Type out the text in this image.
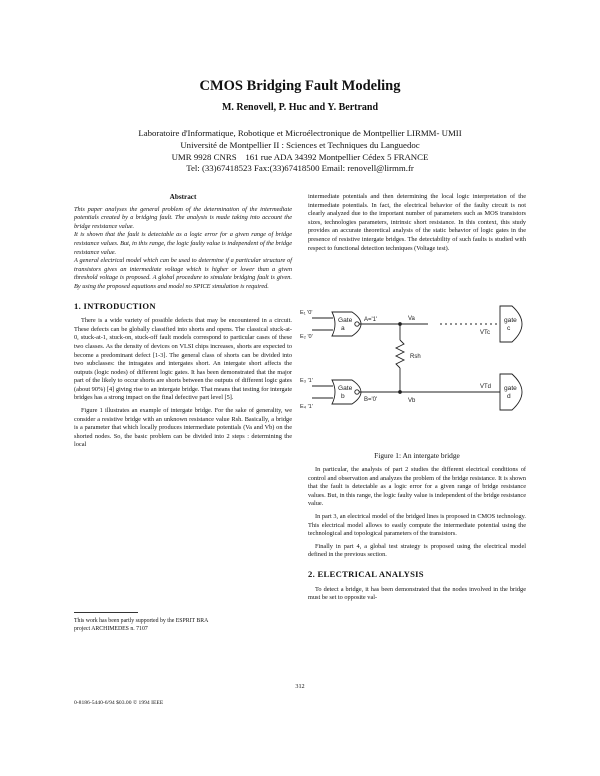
CMOS Bridging Fault Modeling
M. Renovell, P. Huc and Y. Bertrand
Laboratoire d'Informatique, Robotique et Microélectronique de Montpellier LIRMM- UMII
Université de Montpellier II : Sciences et Techniques du Languedoc
UMR 9928 CNRS    161 rue ADA 34392 Montpellier Cédex 5 FRANCE
Tel: (33)67418523 Fax:(33)67418500 Email: renovell@lirmm.fr
Abstract

This paper analyses the general problem of the determination of the intermediate potentials created by a bridging fault. The analysis is made taking into account the bridge resistance value.

It is shown that the fault is detectable as a logic error for a given range of bridge resistance values. But, in this range, the logic faulty value is independent of the bridge resistance value.

A general electrical model which can be used to determine if a particular structure of transistors gives an intermediate voltage which is higher or lower than a given threshold voltage is proposed. A global procedure to simulate bridging fault is given. By using the proposed equations and model no SPICE simulation is required.

1. INTRODUCTION

There is a wide variety of possible defects that may be encountered in a circuit. These defects can be globally classified into shorts and opens. The classical stuck-at-0, stuck-at-1, stuck-on, stuck-off fault models correspond to particular cases of these two classes. As the density of devices on VLSI chips increases, shorts are expected to become a predominant defect [1-3]. The general class of shorts can be divided into two subclasses: the intragates and intergates short. An intergate short affects the outputs (logic nodes) of different logic gates. It has been demonstrated that the major part of the likely to occur shorts are shorts between the outputs of different logic gates (about 90%) [4] giving rise to an intergate bridge. That means that testing for intergate bridges has a strong impact on the final defective part level [5].

Figure 1 illustrates an example of intergate bridge. For the sake of generality, we consider a resistive bridge with an unknown resistance value Rsh. Basically, a bridge is a parameter that which locally produces intermediate potentials (Va and Vb) on the shorted nodes. So, the basic problem can be divided into 2 steps : determining the local

This work has been partly supported by the ESPRIT BRA project ARCHIMEDES n. 7107

intermediate potentials and then determining the local logic interpretation of the intermediate potentials. In fact, the electrical behavior of the faulty circuit is not clearly analyzed due to the important number of parameters such as MOS transistors sizes, technologies parameters, intrinsic short resistance. In this context, this study provides an accurate theoretical analysis of the static behavior of logic gates in the presence of resistive intergate bridges. The detectability of such faults is studied with respect to functional detection techniques (Voltage test).

Gate
a
Gate
b
gate
c
gate
d
E₁ '0'
E₂ '0'
E₃ '1'
E₄ '1'
A='1'
B='0'
Va
Vb
Rsh
VTc
VTd
Figure 1: An intergate bridge

In particular, the analysis of part 2 studies the different electrical conditions of control and observation and analyzes the problem of the bridge resistance. It is shown that the fault is detectable as a logic error for a given range of bridge resistance values. But, in this range, the logic faulty value is independent of the bridge resistance value.

In part 3, an electrical model of the bridged lines is proposed in CMOS technology. This electrical model allows to easily compute the intermediate potential using the technological and topological parameters of the transistors.

Finally in part 4, a global test strategy is proposed using the electrical model defined in the previous section.

2. ELECTRICAL ANALYSIS

To detect a bridge, it has been demonstrated that the nodes involved in the bridge must be set to opposite val-

312
0-8186-5440-6/94 $03.00 © 1994 IEEE
